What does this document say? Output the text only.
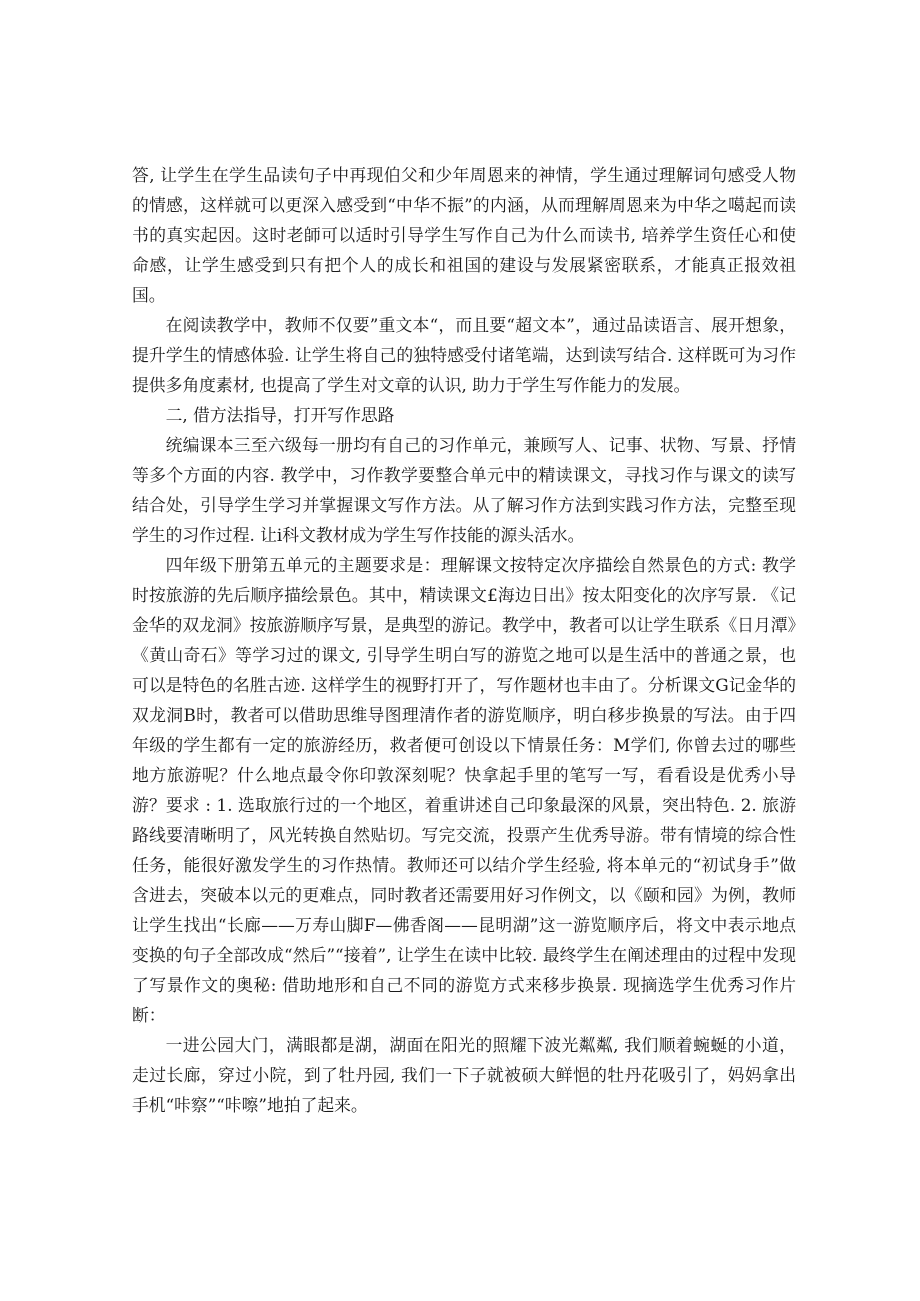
答, 让学生在学生品读句子中再现伯父和少年周恩来的神情，学生通过理解词句感受人物的情感，这样就可以更深入感受到“中华不振”的内涵，从而理解周恩来为中华之噶起而读书的真实起因。这时老師可以适时引导学生写作自己为什么而读书, 培养学生资任心和使命感，让学生感受到只有把个人的成长和祖国的建设与发展紧密联系，才能真正报效祖国。

在阅读教学中，教师不仅要”重文本“，而且要“超文本”，通过品读语言、展开想象，提升学生的情感体验. 让学生将自己的独特感受付诸笔端，达到读写结合. 这样既可为习作提供多角度素材, 也提高了学生对文章的认识, 助力于学生写作能力的发展。

二, 借方法指导，打开写作思路

统编课本三至六级每一册均有自己的习作单元，兼顾写人、记事、状物、写景、抒情等多个方面的内容. 教学中，习作教学要整合单元中的精读课文，寻找习作与课文的读写结合处，引导学生学习并掌握课文写作方法。从了解习作方法到实践习作方法，完整至现学生的习作过程. 让i科文教材成为学生写作技能的源头活水。

四年级下册第五单元的主题要求是：理解课文按特定次序描绘自然景色的方式: 教学时按旅游的先后顺序描绘景色。其中，精读课文£海边日出》按太阳变化的次序写景. 《记金华的双龙洞》按旅游顺序写景，是典型的游记。教学中，教者可以让学生联系《日月潭》《黄山奇石》等学习过的课文, 引导学生明白写的游览之地可以是生活中的普通之景，也可以是特色的名胜古迹. 这样学生的视野打开了，写作题材也丰由了。分析课文G记金华的双龙洞B时，教者可以借助思维导图理清作者的游览顺序，明白移步换景的写法。由于四年级的学生都有一定的旅游经历，救者便可创设以下情景任务：M学们, 你曾去过的哪些地方旅游呢？什么地点最令你印敦深刻呢？快拿起手里的笔写一写，看看设是优秀小导游？要求 : 1. 选取旅行过的一个地区，着重讲述自己印象最深的风景，突出特色. 2. 旅游路线要清晰明了，风光转换自然贴切。写完交流，投票产生优秀导游。带有情境的综合性任务，能很好激发学生的习作热情。教师还可以结介学生经验, 将本单元的“初试身手”做含进去，突破本以元的更难点，同时教者还需要用好习作例文，以《颐和园》为例，教师让学生找出“长廊——万寿山脚F—佛香阁——昆明湖”这一游览顺序后，将文中表示地点变换的句子全部改成“然后”“接着”, 让学生在读中比较. 最终学生在阐述理由的过程中发现了写景作文的奥秘: 借助地形和自己不同的游览方式来移步换景. 现摘选学生优秀习作片断：

一进公园大门，满眼都是湖，湖面在阳光的照耀下波光粼粼, 我们顺着蜿蜒的小道，走过长廊，穿过小院，到了牡丹园, 我们一下子就被硕大鲜悒的牡丹花吸引了，妈妈拿出手机“咔察”“咔嚓”地拍了起来。
